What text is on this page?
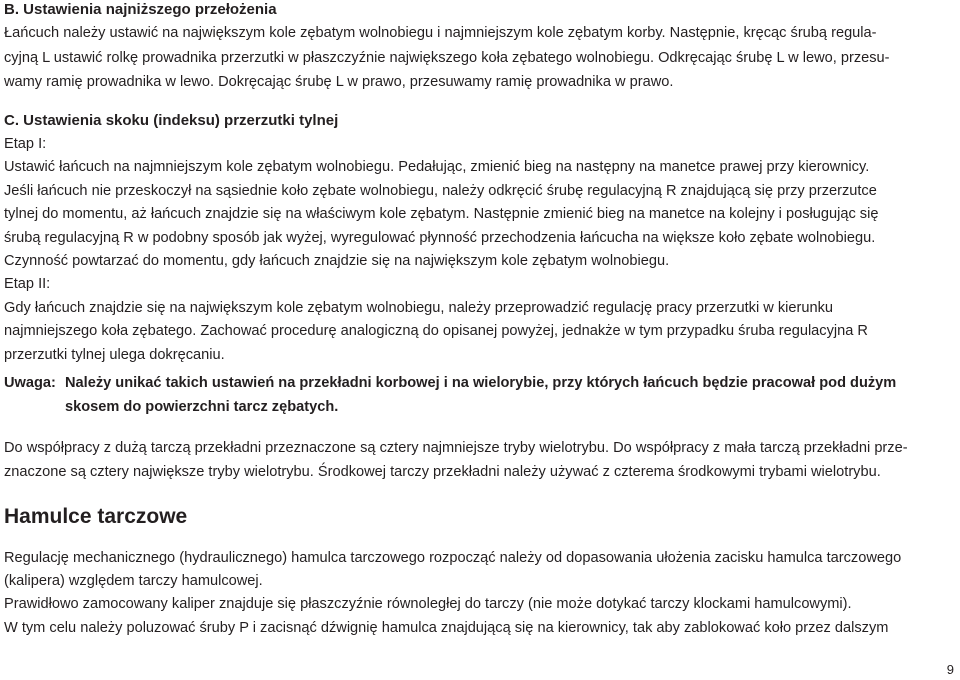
B. Ustawienia najniższego przełożenia
Łańcuch należy ustawić na największym kole zębatym wolnobiegu i najmniejszym kole zębatym korby. Następnie, kręcąc śrubą regula-
cyjną L ustawić rolkę prowadnika przerzutki w płaszczyźnie największego koła zębatego wolnobiegu. Odkręcając śrubę L w lewo, przesu-
wamy ramię prowadnika w lewo. Dokręcając śrubę L w prawo, przesuwamy ramię prowadnika w prawo.
C. Ustawienia skoku (indeksu) przerzutki tylnej
Etap I:
Ustawić łańcuch na najmniejszym kole zębatym wolnobiegu. Pedałując, zmienić bieg na następny na manetce prawej przy kierownicy.
Jeśli łańcuch nie przeskoczył na sąsiednie koło zębate wolnobiegu, należy odkręcić śrubę regulacyjną R znajdującą się przy przerzutce
tylnej do momentu, aż łańcuch znajdzie się na właściwym kole zębatym. Następnie zmienić bieg na manetce na kolejny i posługując się
śrubą regulacyjną R w podobny sposób jak wyżej, wyregulować płynność przechodzenia łańcucha na większe koło zębate wolnobiegu.
Czynność powtarzać do momentu, gdy łańcuch znajdzie się na największym kole zębatym wolnobiegu.
Etap II:
Gdy łańcuch znajdzie się na największym kole zębatym wolnobiegu, należy przeprowadzić regulację pracy przerzutki w kierunku
najmniejszego koła zębatego. Zachować procedurę analogiczną do opisanej powyżej, jednakże w tym przypadku śruba regulacyjna R
przerzutki tylnej ulega dokręcaniu.
Uwaga: Należy unikać takich ustawień na przekładni korbowej i na wielorybie, przy których łańcuch będzie pracował pod dużym
skosem do powierzchni tarcz zębatych.
Do współpracy z dużą tarczą przekładni przeznaczone są cztery najmniejsze tryby wielotrybu. Do współpracy z mała tarczą przekładni prze-
znaczone są cztery największe tryby wielotrybu. Środkowej tarczy przekładni należy używać z czterema środkowymi trybami wielotrybu.
Hamulce tarczowe
Regulację mechanicznego (hydraulicznego) hamulca tarczowego rozpocząć należy od dopasowania ułożenia zacisku hamulca tarczowego
(kalipera) względem tarczy hamulcowej.
Prawidłowo zamocowany kaliper znajduje się płaszczyźnie równoległej do tarczy (nie może dotykać tarczy klockami hamulcowymi).
W tym celu należy poluzować śruby P i zacisnąć dźwignię hamulca znajdującą się na kierownicy, tak aby zablokować koło przez dalszym
9
